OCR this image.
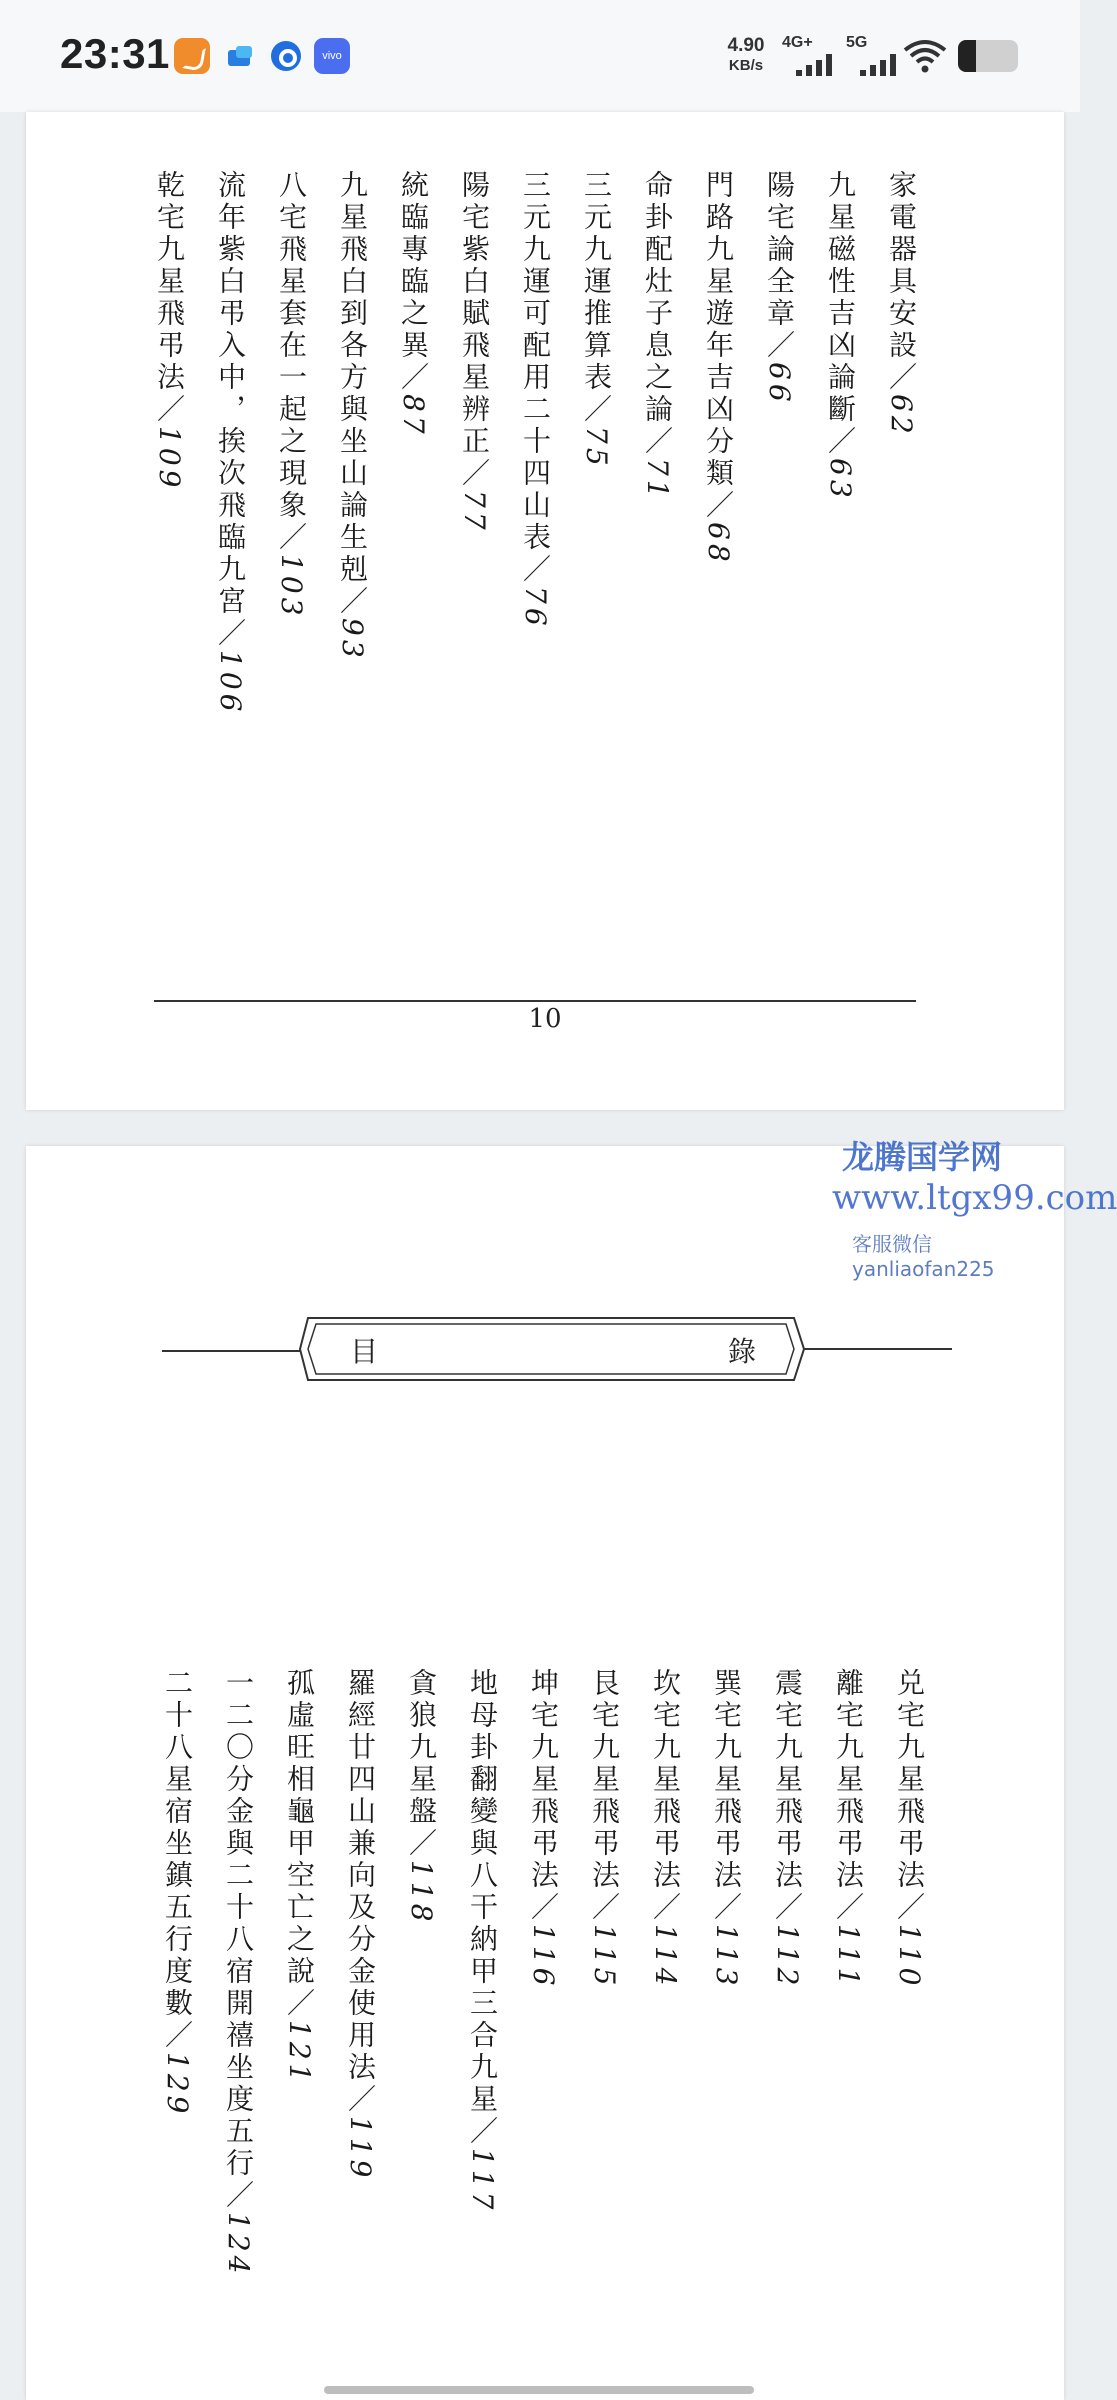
23:31	vivo	4.90
KB/s
4G+ 5G
家電器具安設／62
九星磁性吉凶論斷／63
陽宅論全章／66
門路九星遊年吉凶分類／68
命卦配灶子息之論／71
三元九運推算表／75
三元九運可配用二十四山表／76
陽宅紫白賦飛星辨正／77
統臨專臨之異／87
九星飛白到各方與坐山論生剋／93
八宅飛星套在一起之現象／103
流年紫白弔入中，挨次飛臨九宮／106
乾宅九星飛弔法／109
10
目	錄
兑宅九星飛弔法／110
離宅九星飛弔法／111
震宅九星飛弔法／112
巽宅九星飛弔法／113
坎宅九星飛弔法／114
艮宅九星飛弔法／115
坤宅九星飛弔法／116
地母卦翻變與八干納甲三合九星／117
貪狼九星盤／118
羅經廿四山兼向及分金使用法／119
孤虛旺相龜甲空亡之說／121
一二〇分金與二十八宿開禧坐度五行／124
二十八星宿坐鎮五行度數／129
龙腾国学网
www.ltgx99.com
客服微信 yanliaofan225
